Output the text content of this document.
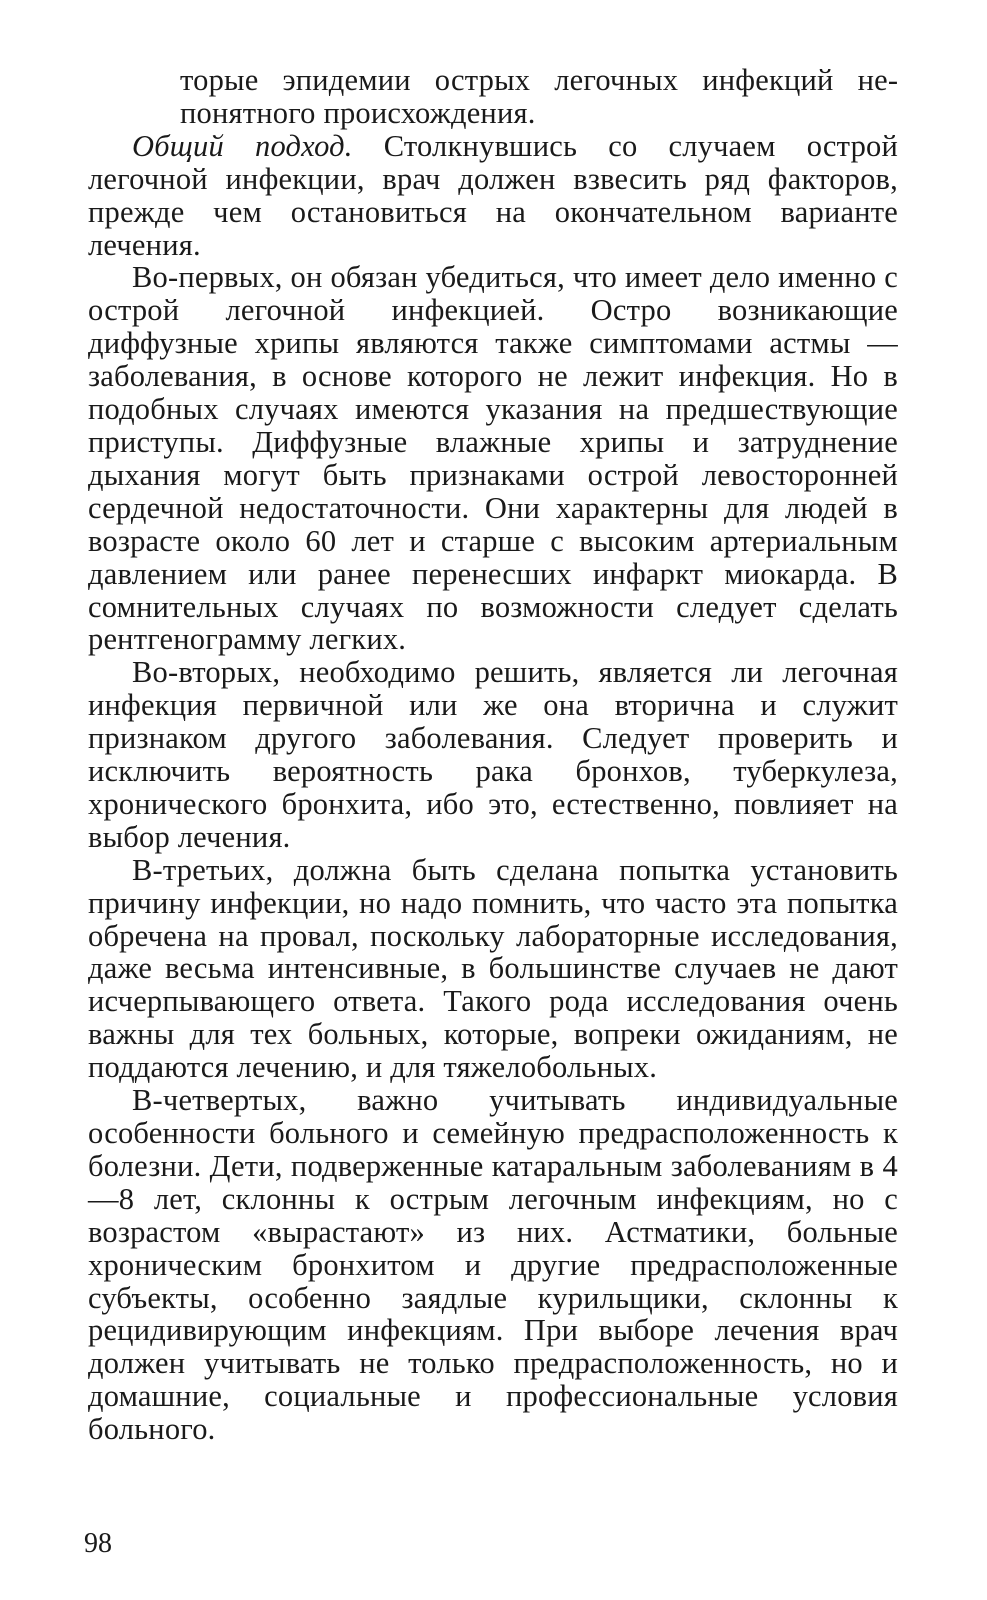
торые эпидемии острых легочных инфекций непонятного происхождения.

Общий подход. Столкнувшись со случаем острой легочной инфекции, врач должен взвесить ряд факторов, прежде чем остановиться на окончательном варианте лечения.

Во-первых, он обязан убедиться, что имеет дело именно с острой легочной инфекцией. Остро возникающие диффузные хрипы являются также симптомами астмы — заболевания, в основе которого не лежит инфекция. Но в подобных случаях имеются указания на предшествующие приступы. Диффузные влажные хрипы и затруднение дыхания могут быть признаками острой левосторонней сердечной недостаточности. Они характерны для людей в возрасте около 60 лет и старше с высоким артериальным давлением или ранее перенесших инфаркт миокарда. В сомнительных случаях по возможности следует сделать рентгенограмму легких.

Во-вторых, необходимо решить, является ли легочная инфекция первичной или же она вторична и служит признаком другого заболевания. Следует проверить и исключить вероятность рака бронхов, туберкулеза, хронического бронхита, ибо это, естественно, повлияет на выбор лечения.

В-третьих, должна быть сделана попытка установить причину инфекции, но надо помнить, что часто эта попытка обречена на провал, поскольку лабораторные исследования, даже весьма интенсивные, в большинстве случаев не дают исчерпывающего ответа. Такого рода исследования очень важны для тех больных, которые, вопреки ожиданиям, не поддаются лечению, и для тяжелобольных.

В-четвертых, важно учитывать индивидуальные особенности больного и семейную предрасположенность к болезни. Дети, подверженные катаральным заболеваниям в 4—8 лет, склонны к острым легочным инфекциям, но с возрастом «вырастают» из них. Астматики, больные хроническим бронхитом и другие предрасположенные субъекты, особенно заядлые курильщики, склонны к рецидивирующим инфекциям. При выборе лечения врач должен учитывать не только предрасположенность, но и домашние, социальные и профессиональные условия больного.

98
